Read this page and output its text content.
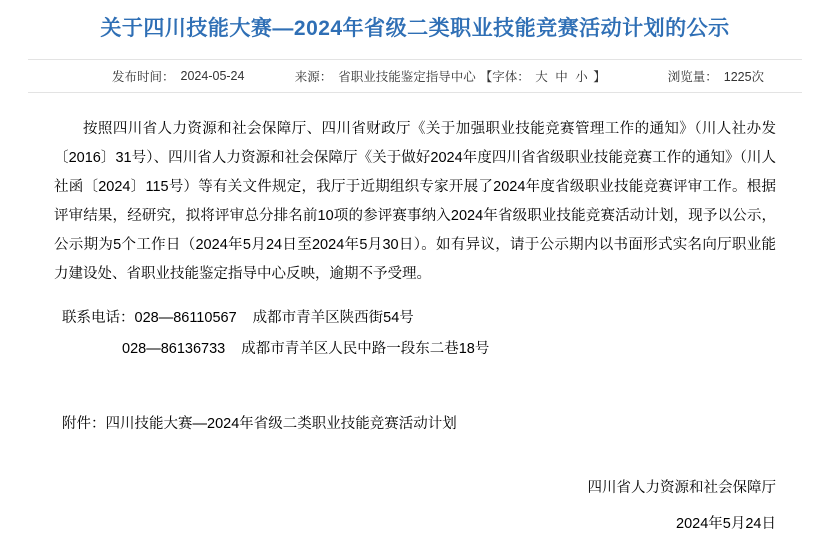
关于四川技能大赛—2024年省级二类职业技能竞赛活动计划的公示
发布时间： 2024-05-24	来源： 省职业技能鉴定指导中心 【字体： 大 中 小 】	浏览量： 1225次

按照四川省人力资源和社会保障厅、四川省财政厅《关于加强职业技能竞赛管理工作的通知》（川人社办发〔2016〕31号）、四川省人力资源和社会保障厅《关于做好2024年度四川省省级职业技能竞赛工作的通知》（川人社函〔2024〕115号）等有关文件规定，我厅于近期组织专家开展了2024年度省级职业技能竞赛评审工作。根据评审结果，经研究，拟将评审总分排名前10项的参评赛事纳入2024年省级职业技能竞赛活动计划，现予以公示，公示期为5个工作日（2024年5月24日至2024年5月30日）。如有异议，请于公示期内以书面形式实名向厅职业能力建设处、省职业技能鉴定指导中心反映，逾期不予受理。

联系电话：028—86110567 成都市青羊区陕西街54号
028—86136733 成都市青羊区人民中路一段东二巷18号
附件：四川技能大赛—2024年省级二类职业技能竞赛活动计划
四川省人力资源和社会保障厅
2024年5月24日
